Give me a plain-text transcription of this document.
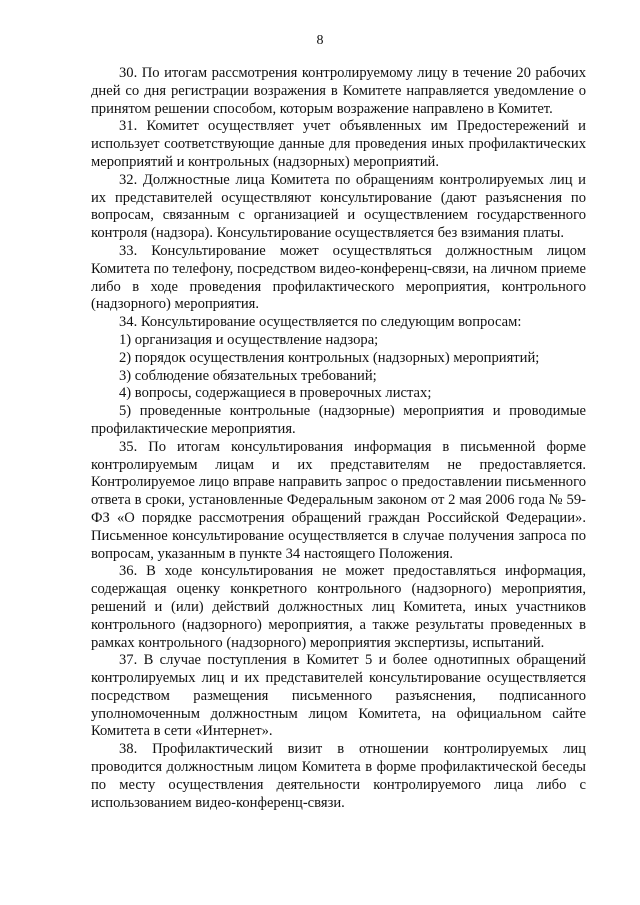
8

30. По итогам рассмотрения контролируемому лицу в течение 20 рабочих дней со дня регистрации возражения в Комитете направляется уведомление о принятом решении способом, которым возражение направлено в Комитет.

31. Комитет осуществляет учет объявленных им Предостережений и использует соответствующие данные для проведения иных профилактических мероприятий и контрольных (надзорных) мероприятий.

32. Должностные лица Комитета по обращениям контролируемых лиц и их представителей осуществляют консультирование (дают разъяснения по вопросам, связанным с организацией и осуществлением государственного контроля (надзора). Консультирование осуществляется без взимания платы.

33. Консультирование может осуществляться должностным лицом Комитета по телефону, посредством видео-конференц-связи, на личном приеме либо в ходе проведения профилактического мероприятия, контрольного (надзорного) мероприятия.

34. Консультирование осуществляется по следующим вопросам:

1) организация и осуществление надзора;

2) порядок осуществления контрольных (надзорных) мероприятий;

3) соблюдение обязательных требований;

4) вопросы, содержащиеся в проверочных листах;

5) проведенные контрольные (надзорные) мероприятия и проводимые профилактические мероприятия.

35. По итогам консультирования информация в письменной форме контролируемым лицам и их представителям не предоставляется. Контролируемое лицо вправе направить запрос о предоставлении письменного ответа в сроки, установленные Федеральным законом от 2 мая 2006 года № 59-ФЗ «О порядке рассмотрения обращений граждан Российской Федерации». Письменное консультирование осуществляется в случае получения запроса по вопросам, указанным в пункте 34 настоящего Положения.

36. В ходе консультирования не может предоставляться информация, содержащая оценку конкретного контрольного (надзорного) мероприятия, решений и (или) действий должностных лиц Комитета, иных участников контрольного (надзорного) мероприятия, а также результаты проведенных в рамках контрольного (надзорного) мероприятия экспертизы, испытаний.

37. В случае поступления в Комитет 5 и более однотипных обращений контролируемых лиц и их представителей консультирование осуществляется посредством размещения письменного разъяснения, подписанного уполномоченным должностным лицом Комитета, на официальном сайте Комитета в сети «Интернет».

38. Профилактический визит в отношении контролируемых лиц проводится должностным лицом Комитета в форме профилактической беседы по месту осуществления деятельности контролируемого лица либо с использованием видео-конференц-связи.
